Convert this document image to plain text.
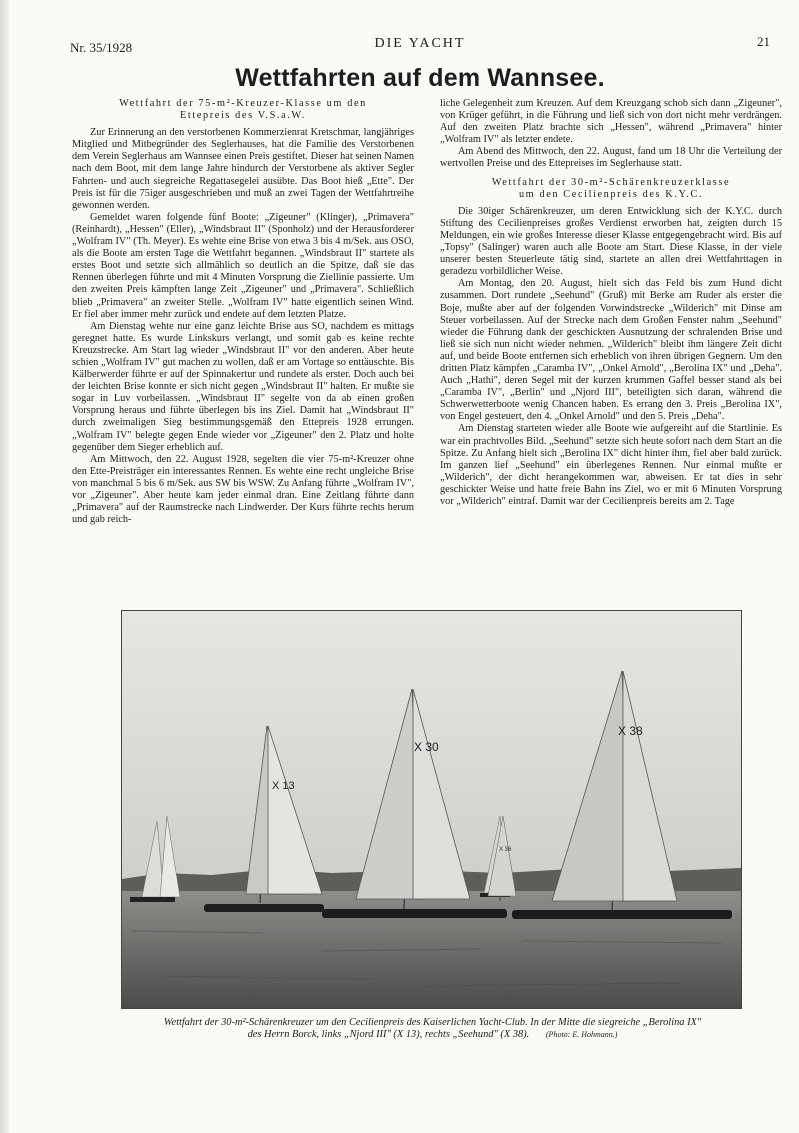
Nr. 35/1928	DIE YACHT	21
Wettfahrten auf dem Wannsee.
Wettfahrt der 75-m²-Kreuzer-Klasse um den
Ettepreis des V.S.a.W.

Zur Erinnerung an den verstorbenen Kommerzienrat Kretschmar, langjähriges Mitglied und Mitbegründer des Seglerhauses, hat die Familie des Verstorbenen dem Verein Seglerhaus am Wannsee einen Preis gestiftet. Dieser hat seinen Namen nach dem Boot, mit dem lange Jahre hindurch der Verstorbene als aktiver Segler Fahrten- und auch siegreiche Regattasegelei ausübte. Das Boot hieß „Ette". Der Preis ist für die 75iger ausgeschrieben und muß an zwei Tagen der Wettfahrtreihe gewonnen werden.

Gemeldet waren folgende fünf Boote: „Zigeuner" (Klinger), „Primavera" (Reinhardt), „Hessen" (Eller), „Windsbraut II" (Sponholz) und der Herausforderer „Wolfram IV" (Th. Meyer). Es wehte eine Brise von etwa 3 bis 4 m/Sek. aus OSO, als die Boote am ersten Tage die Wettfahrt begannen. „Windsbraut II" startete als erstes Boot und setzte sich allmählich so deutlich an die Spitze, daß sie das Rennen überlegen führte und mit 4 Minuten Vorsprung die Ziellinie passierte. Um den zweiten Preis kämpften lange Zeit „Zigeuner" und „Primavera". Schließlich blieb „Primavera" an zweiter Stelle. „Wolfram IV" hatte eigentlich seinen Wind. Er fiel aber immer mehr zurück und endete auf dem letzten Platze.

Am Dienstag wehte nur eine ganz leichte Brise aus SO, nachdem es mittags geregnet hatte. Es wurde Linkskurs verlangt, und somit gab es keine rechte Kreuzstrecke. Am Start lag wieder „Windsbraut II" vor den anderen. Aber heute schien „Wolfram IV" gut machen zu wollen, daß er am Vortage so enttäuschte. Bis Kälberwerder führte er auf der Spinnakertur und rundete als erster. Doch auch bei der leichten Brise konnte er sich nicht gegen „Windsbraut II" halten. Er mußte sie sogar in Luv vorbeilassen. „Windsbraut II" segelte von da ab einen großen Vorsprung heraus und führte überlegen bis ins Ziel. Damit hat „Windsbraut II" durch zweimaligen Sieg bestimmungsgemäß den Ettepreis 1928 errungen. „Wolfram IV" belegte gegen Ende wieder vor „Zigeuner" den 2. Platz und holte gegenüber dem Sieger erheblich auf.

Am Mittwoch, den 22. August 1928, segelten die vier 75-m²-Kreuzer ohne den Ette-Preisträger ein interessantes Rennen. Es wehte eine recht ungleiche Brise von manchmal 5 bis 6 m/Sek. aus SW bis WSW. Zu Anfang führte „Wolfram IV", vor „Zigeuner". Aber heute kam jeder einmal dran. Eine Zeitlang führte dann „Primavera" auf der Raumstrecke nach Lindwerder. Der Kurs führte rechts herum und gab reich-

liche Gelegenheit zum Kreuzen. Auf dem Kreuzgang schob sich dann „Zigeuner", von Krüger geführt, in die Führung und ließ sich von dort nicht mehr verdrängen. Auf den zweiten Platz brachte sich „Hessen", während „Primavera" hinter „Wolfram IV" als letzter endete.

Am Abend des Mittwoch, den 22. August, fand um 18 Uhr die Verteilung der wertvollen Preise und des Ettepreises im Seglerhause statt.

Wettfahrt der 30-m²-Schärenkreuzerklasse
um den Cecilienpreis des K.Y.C.

Die 30iger Schärenkreuzer, um deren Entwicklung sich der K.Y.C. durch Stiftung des Cecilienpreises großes Verdienst erworben hat, zeigten durch 15 Meldungen, ein wie großes Interesse dieser Klasse entgegengebracht wird. Bis auf „Topsy" (Salinger) waren auch alle Boote am Start. Diese Klasse, in der viele unserer besten Steuerleute tätig sind, startete an allen drei Wettfahrttagen in geradezu vorbildlicher Weise.

Am Montag, den 20. August, hielt sich das Feld bis zum Hund dicht zusammen. Dort rundete „Seehund" (Gruß) mit Berke am Ruder als erster die Boje, mußte aber auf der folgenden Vorwindstrecke „Wilderich" mit Dinse am Steuer vorbeilassen. Auf der Strecke nach dem Großen Fenster nahm „Seehund" wieder die Führung dank der geschickten Ausnutzung der schralenden Brise und ließ sie sich nun nicht wieder nehmen. „Wilderich" bleibt ihm längere Zeit dicht auf, und beide Boote entfernen sich erheblich von ihren übrigen Gegnern. Um den dritten Platz kämpfen „Caramba IV", „Onkel Arnold", „Berolina IX" und „Deha". Auch „Hathi", deren Segel mit der kurzen krummen Gaffel besser stand als bei „Caramba IV", „Berlin" und „Njord III", beteiligten sich daran, während die Schwerwetterboote wenig Chancen haben. Es errang den 3. Preis „Berolina IX", von Engel gesteuert, den 4. „Onkel Arnold" und den 5. Preis „Deha".

Am Dienstag starteten wieder alle Boote wie aufgereiht auf die Startlinie. Es war ein prachtvolles Bild. „Seehund" setzte sich heute sofort nach dem Start an die Spitze. Zu Anfang hielt sich „Berolina IX" dicht hinter ihm, fiel aber bald zurück. Im ganzen lief „Seehund" ein überlegenes Rennen. Nur einmal mußte er „Wilderich", der dicht herangekommen war, abweisen. Er tat dies in sehr geschickter Weise und hatte freie Bahn ins Ziel, wo er mit 6 Minuten Vorsprung vor „Wilderich" eintraf. Damit war der Cecilienpreis bereits am 2. Tage

X 13
X 30
X 36
X 38
Wettfahrt der 30-m²-Schärenkreuzer um den Cecilienpreis des Kaiserlichen Yacht-Club. In der Mitte die siegreiche „Berolina IX"
des Herrn Borck, links „Njord III" (X 13), rechts „Seehund" (X 38). (Photo: E. Hohmann.)
